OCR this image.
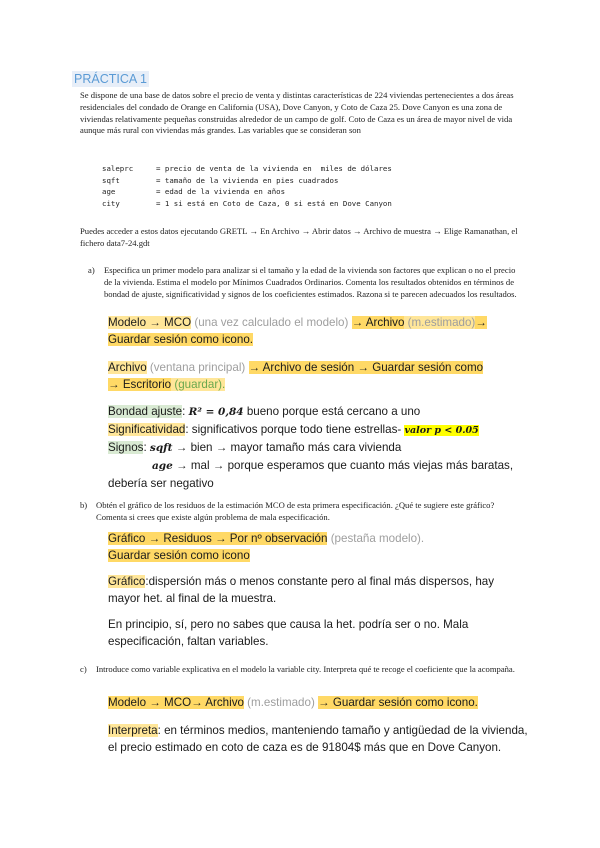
PRÁCTICA 1

Se dispone de una base de datos sobre el precio de venta y distintas características de 224 viviendas pertenecientes a dos áreas residenciales del condado de Orange en California (USA), Dove Canyon, y Coto de Caza 25. Dove Canyon es una zona de viviendas relativamente pequeñas construidas alrededor de un campo de golf. Coto de Caza es un área de mayor nivel de vida aunque más rural con viviendas más grandes. Las variables que se consideran son

saleprc	= precio de venta de la vivienda en  miles de dólares
sqft	= tamaño de la vivienda en pies cuadrados
age	= edad de la vivienda en años
city	= 1 si está en Coto de Caza, 0 si está en Dove Canyon

Puedes acceder a estos datos ejecutando GRETL → En Archivo → Abrir datos → Archivo de muestra → Elige Ramanathan, el fichero data7-24.gdt

a) Especifica un primer modelo para analizar si el tamaño y la edad de la vivienda son factores que explican o no el precio de la vivienda. Estima el modelo por Mínimos Cuadrados Ordinarios. Comenta los resultados obtenidos en términos de bondad de ajuste, significatividad y signos de los coeficientes estimados. Razona si te parecen adecuados los resultados.

Modelo → MCO (una vez calculado el modelo) → Archivo (m.estimado)→
Guardar sesión como icono.

Archivo (ventana principal) → Archivo de sesión → Guardar sesión como
→ Escritorio (guardar).

Bondad ajuste: R² = 0,84 bueno porque está cercano a uno
Significatividad: significativos porque todo tiene estrellas- valor p < 0.05
Signos: sqft → bien → mayor tamaño más cara vivienda
age → mal → porque esperamos que cuanto más viejas más baratas, debería ser negativo

b) Obtén el gráfico de los residuos de la estimación MCO de esta primera especificación. ¿Qué te sugiere este gráfico? Comenta si crees que existe algún problema de mala especificación.

Gráfico → Residuos → Por nº observación (pestaña modelo).
Guardar sesión como icono

Gráfico:dispersión más o menos constante pero al final más dispersos, hay mayor het. al final de la muestra.

En principio, sí, pero no sabes que causa la het. podría ser o no. Mala especificación, faltan variables.

c) Introduce como variable explicativa en el modelo la variable city. Interpreta qué te recoge el coeficiente que la acompaña.

Modelo → MCO→ Archivo (m.estimado) → Guardar sesión como icono.

Interpreta: en términos medios, manteniendo tamaño y antigüedad de la vivienda, el precio estimado en coto de caza es de 91804$ más que en Dove Canyon.
